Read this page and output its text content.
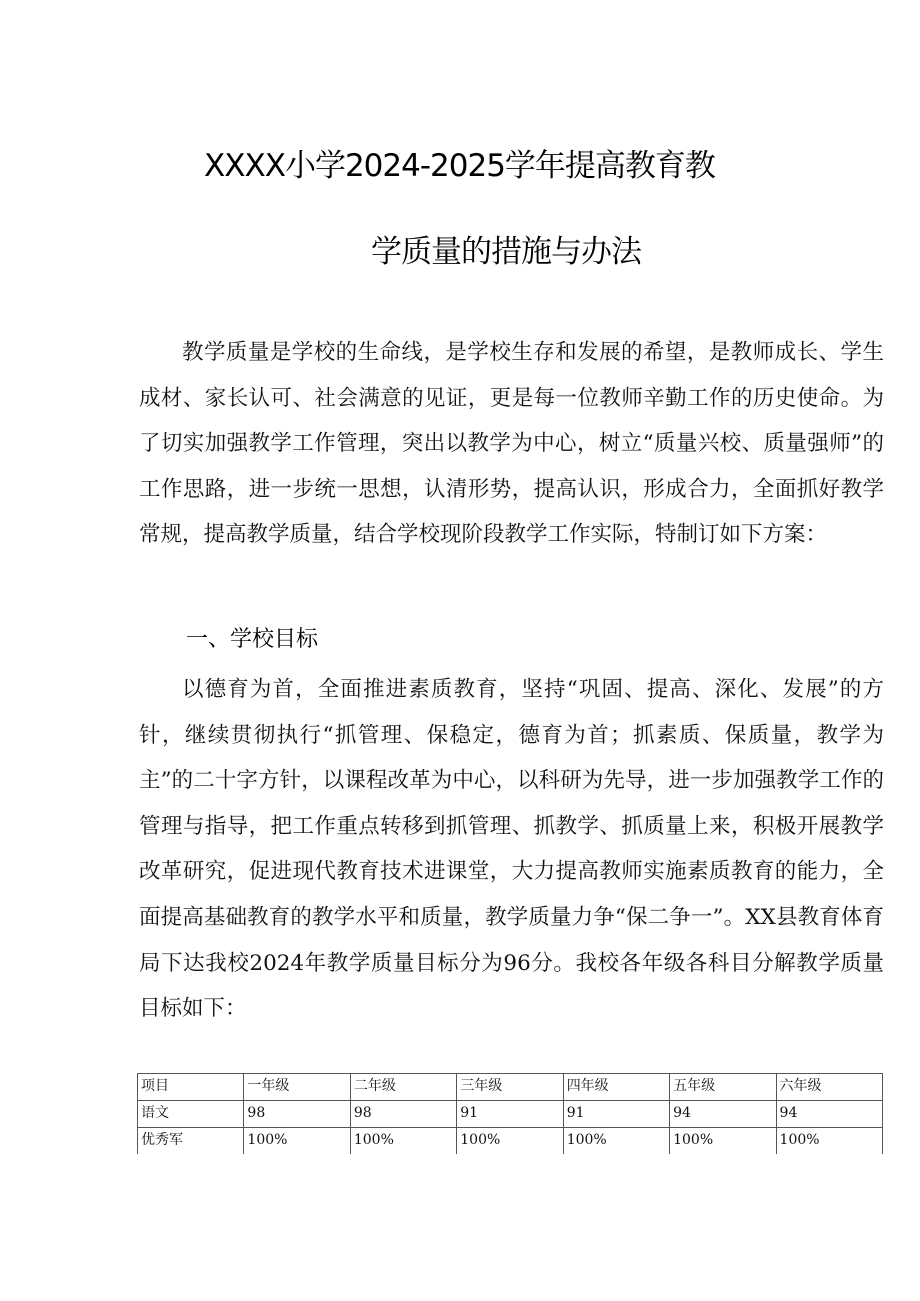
XXXX小学2024-2025学年提高教育教
学质量的措施与办法

教学质量是学校的生命线，是学校生存和发展的希望，是教师成长、学生成材、家长认可、社会满意的见证，更是每一位教师辛勤工作的历史使命。为了切实加强教学工作管理，突出以教学为中心，树立“质量兴校、质量强师”的工作思路，进一步统一思想，认清形势，提高认识，形成合力，全面抓好教学常规，提高教学质量，结合学校现阶段教学工作实际，特制订如下方案：

一、学校目标

以德育为首，全面推进素质教育，坚持“巩固、提高、深化、发展”的方针，继续贯彻执行“抓管理、保稳定，德育为首；抓素质、保质量，教学为主”的二十字方针，以课程改革为中心，以科研为先导，进一步加强教学工作的管理与指导，把工作重点转移到抓管理、抓教学、抓质量上来，积极开展教学改革研究，促进现代教育技术进课堂，大力提高教师实施素质教育的能力，全面提高基础教育的教学水平和质量，教学质量力争“保二争一”。XX县教育体育局下达我校2024年教学质量目标分为96分。我校各年级各科目分解教学质量目标如下：

项目	一年级	二年级	三年级	四年级	五年级	六年级
语文	98	98	91	91	94	94
优秀军	100%	100%	100%	100%	100%	100%
